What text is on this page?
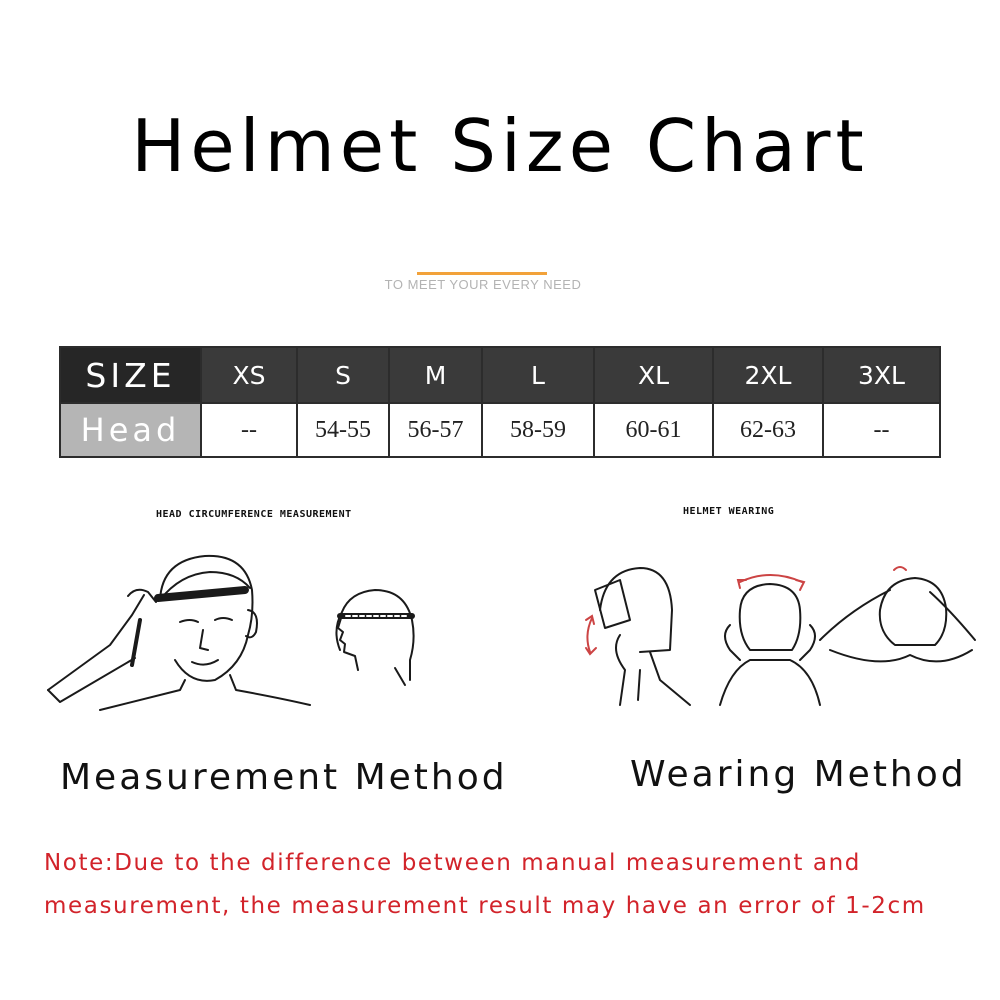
Helmet Size Chart
TO MEET YOUR EVERY NEED
SIZE	XS	S	M	L	XL	2XL	3XL
Head	--	54-55	56-57	58-59	60-61	62-63	--
HEAD CIRCUMFERENCE MEASUREMENT	HELMET WEARING
Measurement Method	Wearing Method
Note:Due to the difference between manual measurement and
measurement, the measurement result may have an error of 1-2cm
